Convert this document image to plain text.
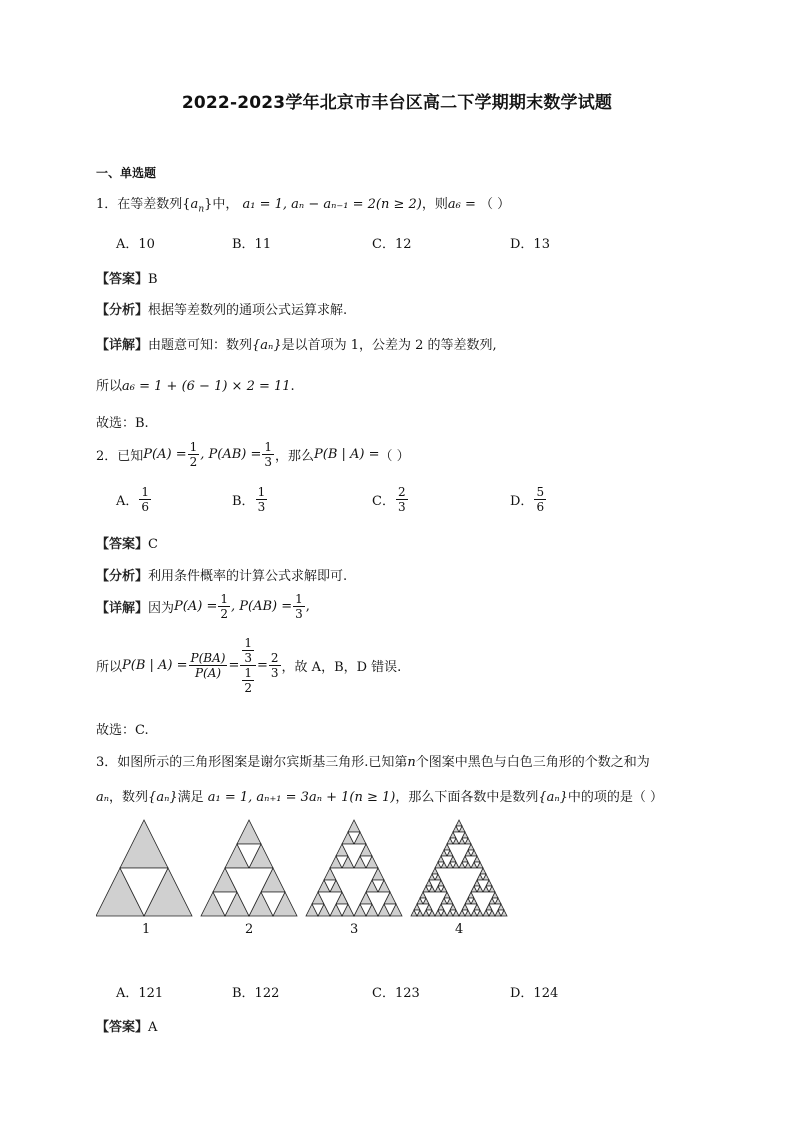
2022-2023学年北京市丰台区高二下学期期末数学试题
一、单选题
1．在等差数列$\{a_n\}$中， a₁ = 1, aₙ − aₙ₋₁ = 2(n ≥ 2)，则a₆ = （ ）
A．10	B．11	C．12	D．13
【答案】B
【分析】根据等差数列的通项公式运算求解.
【详解】由题意可知：数列{aₙ}是以首项为 1，公差为 2 的等差数列,
所以a₆ = 1 + (6 − 1) × 2 = 11.
故选：B.
2．已知 $P(A) = \frac{1}{2}$ , $P(AB) = \frac{1}{3}$ ，那么 P(B | A) = （ ）
A． $\frac{1}{6}$	B． $\frac{1}{3}$	C． $\frac{2}{3}$	D． $\frac{5}{6}$
【答案】C
【分析】利用条件概率的计算公式求解即可.
【详解】 因为 $P(A) = \frac{1}{2}$ , $P(AB) = \frac{1}{3}$ ,
所以 P(B | $A) = \frac{P(BA)}{P(A)} = \frac{\frac{1}{3}}{\frac{1}{2}} = \frac{2}{3}$ ，故 A，B，D 错误.
故选：C.
3．如图所示的三角形图案是谢尔宾斯基三角形.已知第n个图案中黑色与白色三角形的个数之和为
aₙ，数列{aₙ}满足 a₁ = 1, aₙ₊₁ = 3aₙ + 1(n ≥ 1)，那么下面各数中是数列{aₙ}中的项的是（ ）
1	2	3	4
A．121	B．122	C．123	D．124
【答案】A
